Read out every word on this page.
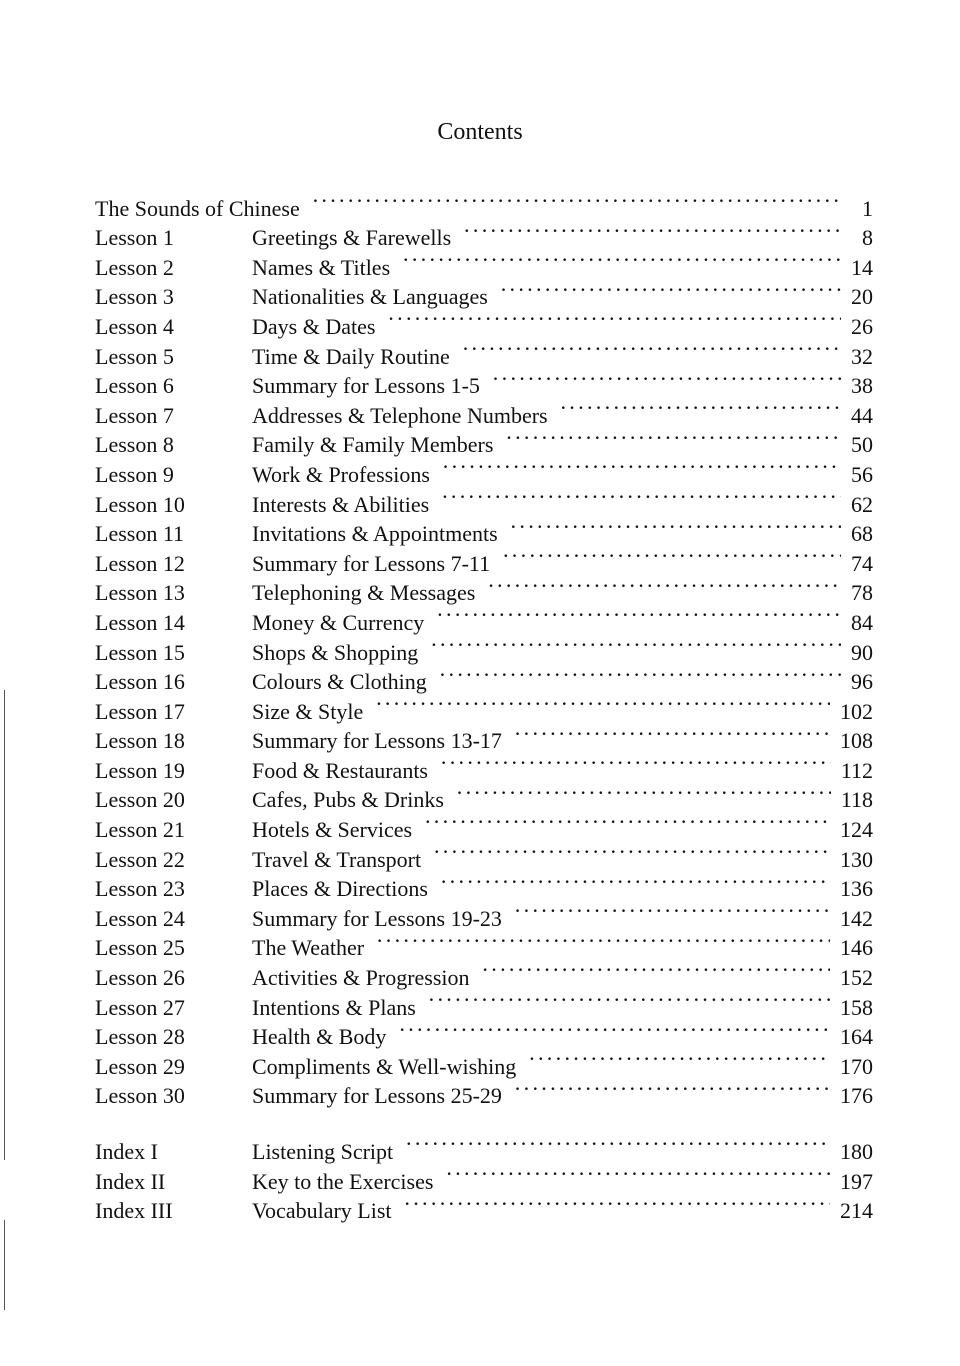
Contents
The Sounds of Chinese · · ·	1
Lesson 1	Greetings & Farewells · · ·	8
Lesson 2	Names & Titles · · ·	14
Lesson 3	Nationalities & Languages · · ·	20
Lesson 4	Days & Dates · · ·	26
Lesson 5	Time & Daily Routine · · ·	32
Lesson 6	Summary for Lessons 1-5 · · ·	38
Lesson 7	Addresses & Telephone Numbers · · ·	44
Lesson 8	Family & Family Members · · ·	50
Lesson 9	Work & Professions · · ·	56
Lesson 10	Interests & Abilities · · ·	62
Lesson 11	Invitations & Appointments · · ·	68
Lesson 12	Summary for Lessons 7-11 · · ·	74
Lesson 13	Telephoning & Messages · · ·	78
Lesson 14	Money & Currency · · ·	84
Lesson 15	Shops & Shopping · · ·	90
Lesson 16	Colours & Clothing · · ·	96
Lesson 17	Size & Style · · ·	102
Lesson 18	Summary for Lessons 13-17 · · ·	108
Lesson 19	Food & Restaurants · · ·	112
Lesson 20	Cafes, Pubs & Drinks · · ·	118
Lesson 21	Hotels & Services · · ·	124
Lesson 22	Travel & Transport · · ·	130
Lesson 23	Places & Directions · · ·	136
Lesson 24	Summary for Lessons 19-23 · · ·	142
Lesson 25	The Weather · · ·	146
Lesson 26	Activities & Progression · · ·	152
Lesson 27	Intentions & Plans · · ·	158
Lesson 28	Health & Body · · ·	164
Lesson 29	Compliments & Well-wishing · · ·	170
Lesson 30	Summary for Lessons 25-29 · · ·	176
Index I	Listening Script · · ·	180
Index II	Key to the Exercises · · ·	197
Index III	Vocabulary List · · ·	214
